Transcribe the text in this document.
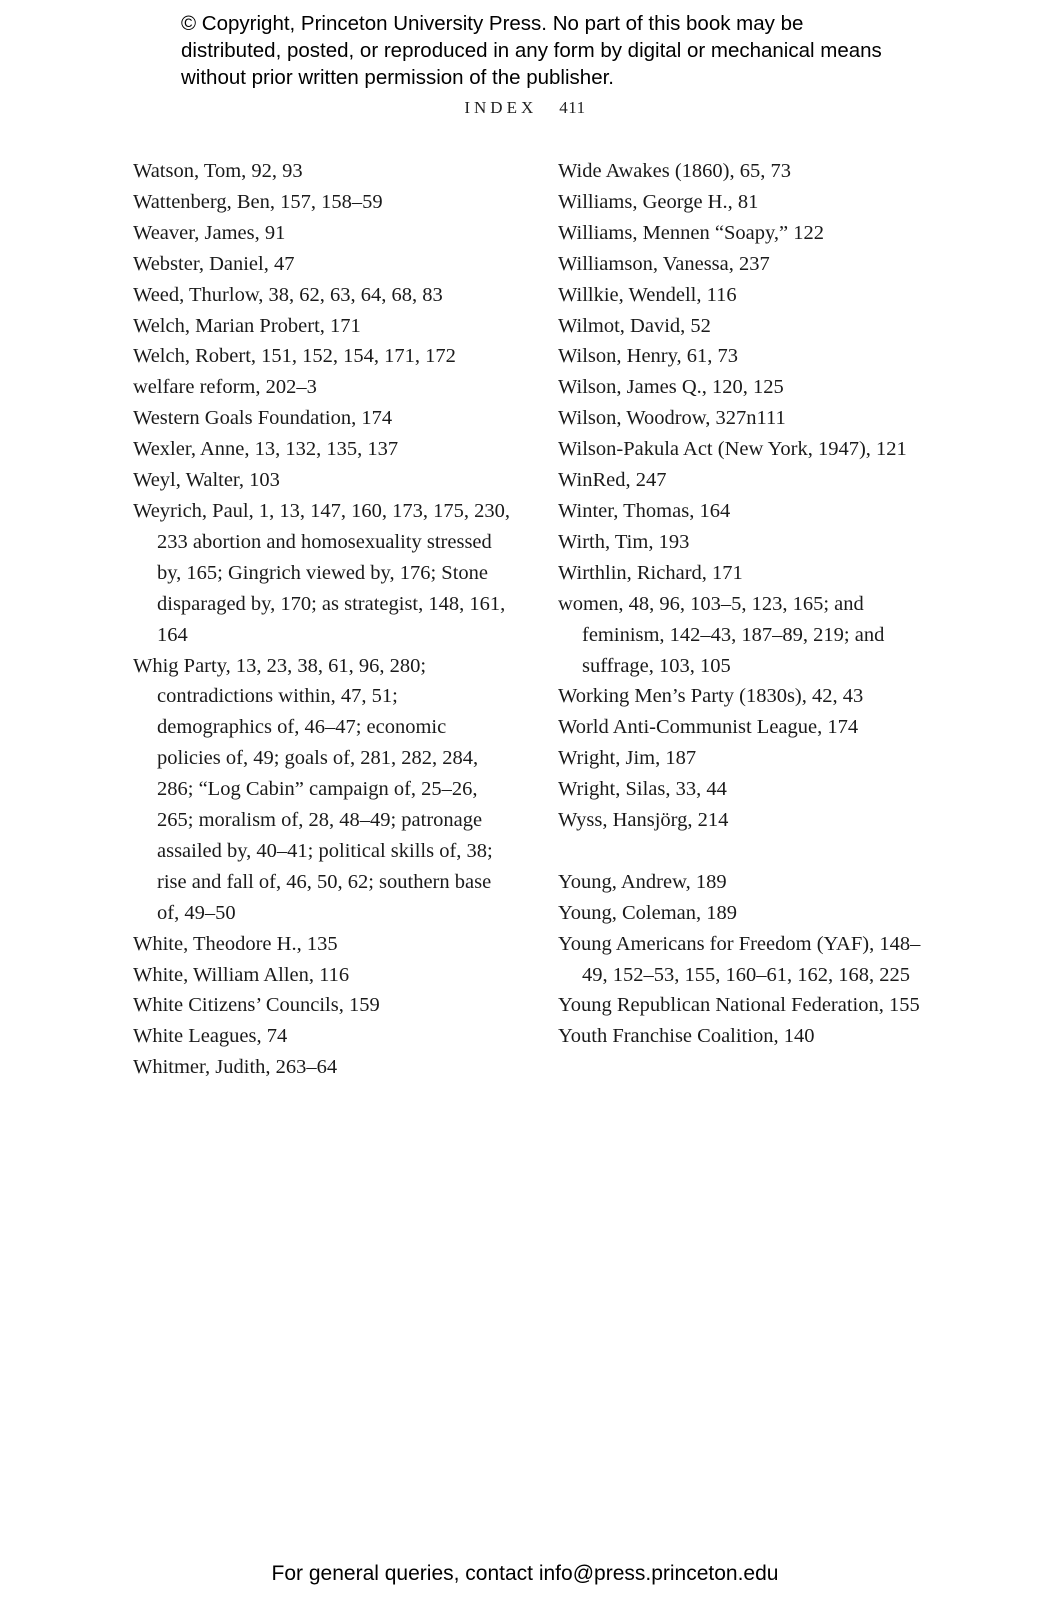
© Copyright, Princeton University Press. No part of this book may be distributed, posted, or reproduced in any form by digital or mechanical means without prior written permission of the publisher.
INDEX 411
Watson, Tom, 92, 93
Wattenberg, Ben, 157, 158–59
Weaver, James, 91
Webster, Daniel, 47
Weed, Thurlow, 38, 62, 63, 64, 68, 83
Welch, Marian Probert, 171
Welch, Robert, 151, 152, 154, 171, 172
welfare reform, 202–3
Western Goals Foundation, 174
Wexler, Anne, 13, 132, 135, 137
Weyl, Walter, 103
Weyrich, Paul, 1, 13, 147, 160, 173, 175, 230, 233 abortion and homosexuality stressed by, 165; Gingrich viewed by, 176; Stone disparaged by, 170; as strategist, 148, 161, 164
Whig Party, 13, 23, 38, 61, 96, 280; contradictions within, 47, 51; demographics of, 46–47; economic policies of, 49; goals of, 281, 282, 284, 286; “Log Cabin” campaign of, 25–26, 265; moralism of, 28, 48–49; patronage assailed by, 40–41; political skills of, 38; rise and fall of, 46, 50, 62; southern base of, 49–50
White, Theodore H., 135
White, William Allen, 116
White Citizens’ Councils, 159
White Leagues, 74
Whitmer, Judith, 263–64
Wide Awakes (1860), 65, 73
Williams, George H., 81
Williams, Mennen “Soapy,” 122
Williamson, Vanessa, 237
Willkie, Wendell, 116
Wilmot, David, 52
Wilson, Henry, 61, 73
Wilson, James Q., 120, 125
Wilson, Woodrow, 327n111
Wilson-Pakula Act (New York, 1947), 121
WinRed, 247
Winter, Thomas, 164
Wirth, Tim, 193
Wirthlin, Richard, 171
women, 48, 96, 103–5, 123, 165; and feminism, 142–43, 187–89, 219; and suffrage, 103, 105
Working Men’s Party (1830s), 42, 43
World Anti-Communist League, 174
Wright, Jim, 187
Wright, Silas, 33, 44
Wyss, Hansjörg, 214
Young, Andrew, 189
Young, Coleman, 189
Young Americans for Freedom (YAF), 148–49, 152–53, 155, 160–61, 162, 168, 225
Young Republican National Federation, 155
Youth Franchise Coalition, 140
For general queries, contact info@press.princeton.edu
